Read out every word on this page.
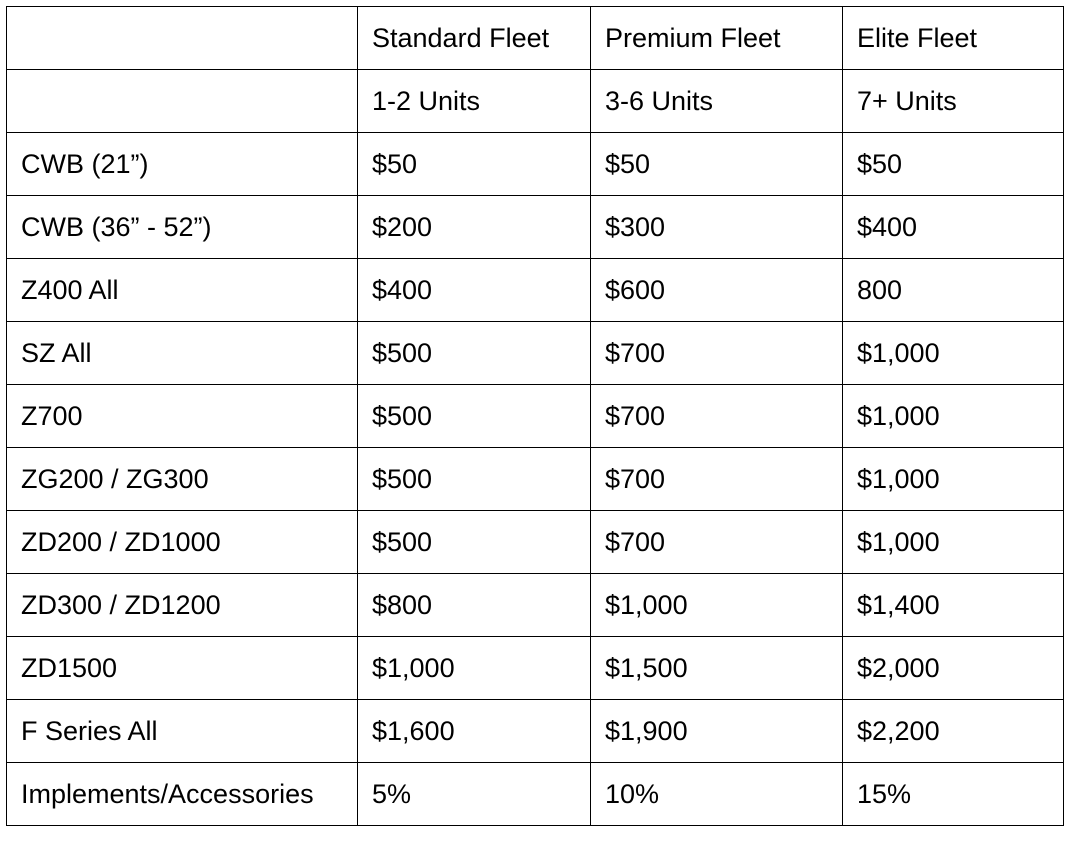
	Standard Fleet	Premium Fleet	Elite Fleet
	1-2 Units	3-6 Units	7+ Units
CWB (21”)	$50	$50	$50
CWB (36” - 52”)	$200	$300	$400
Z400 All	$400	$600	800
SZ All	$500	$700	$1,000
Z700	$500	$700	$1,000
ZG200 / ZG300	$500	$700	$1,000
ZD200 / ZD1000	$500	$700	$1,000
ZD300 / ZD1200	$800	$1,000	$1,400
ZD1500	$1,000	$1,500	$2,000
F Series All	$1,600	$1,900	$2,200
Implements/Accessories	5%	10%	15%
